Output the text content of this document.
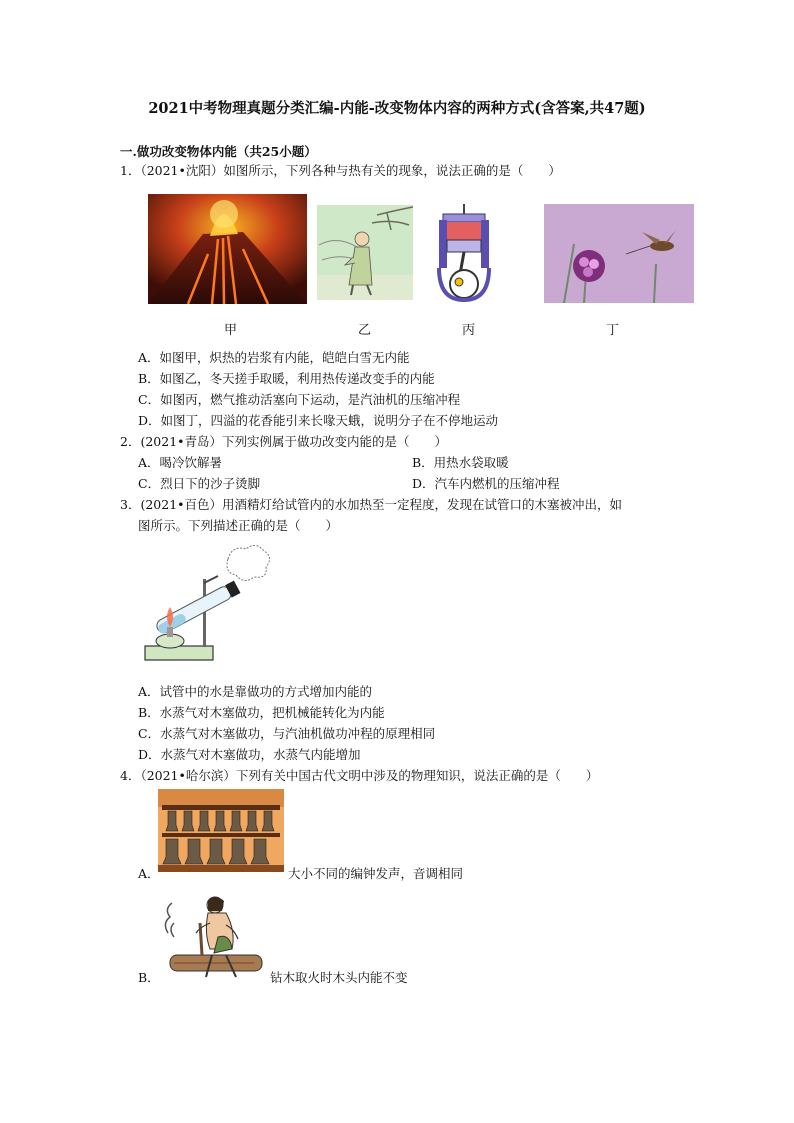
2021中考物理真题分类汇编-内能-改变物体内容的两种方式(含答案,共47题)
一.做功改变物体内能（共25小题）
1．（2021•沈阳）如图所示，下列各种与热有关的现象，说法正确的是（　　）
甲	乙	丙	丁
A．如图甲，炽热的岩浆有内能，皑皑白雪无内能
B．如图乙，冬天搓手取暖，利用热传递改变手的内能
C．如图丙，燃气推动活塞向下运动，是汽油机的压缩冲程
D．如图丁，四溢的花香能引来长喙天蛾，说明分子在不停地运动
2．(2021•青岛）下列实例属于做功改变内能的是（　　）
A．喝冷饮解暑	B．用热水袋取暖
C．烈日下的沙子烫脚	D．汽车内燃机的压缩冲程
3．(2021•百色）用酒精灯给试管内的水加热至一定程度，发现在试管口的木塞被冲出，如
图所示。下列描述正确的是（　　）
A．试管中的水是靠做功的方式增加内能的
B．水蒸气对木塞做功，把机械能转化为内能
C．水蒸气对木塞做功，与汽油机做功冲程的原理相同
D．水蒸气对木塞做功，水蒸气内能增加
4．（2021•哈尔滨）下列有关中国古代文明中涉及的物理知识，说法正确的是（　　）
A．	大小不同的编钟发声，音调相同
B．	钻木取火时木头内能不变
